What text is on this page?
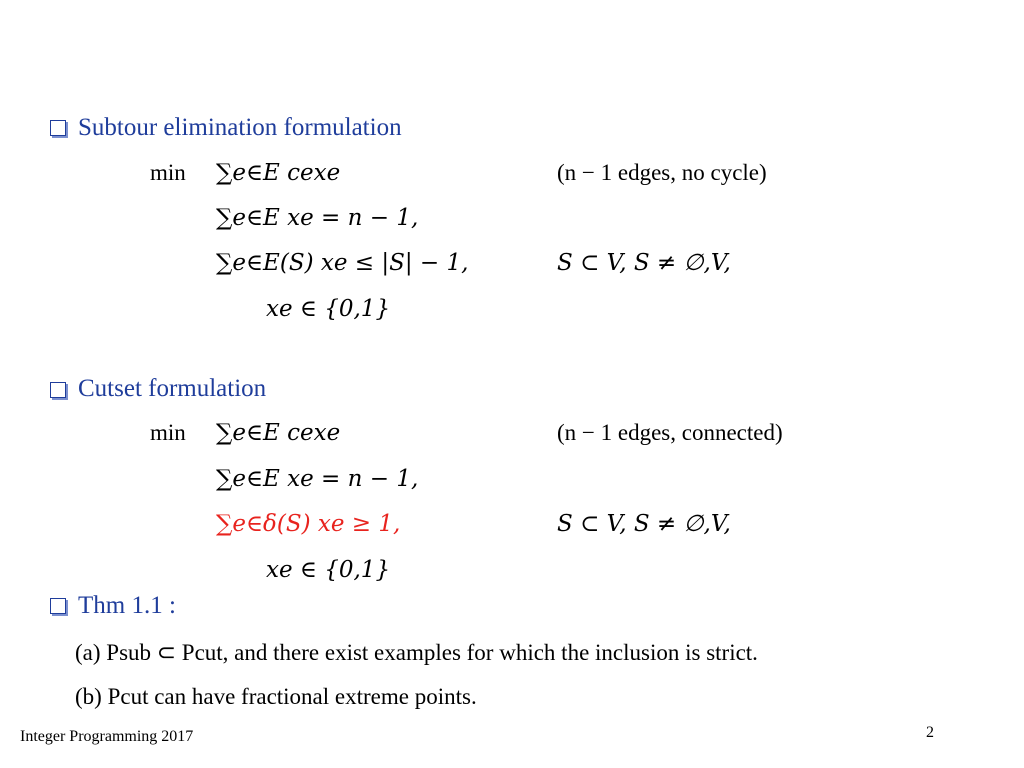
Subtour elimination formulation
min ∑e∈E cexe	(n − 1 edges, no cycle)
∑e∈E xe = n − 1,
∑e∈E(S) xe ≤ |S| − 1,	S ⊂ V, S ≠ ∅,V,
xe ∈ {0,1}
Cutset formulation
min ∑e∈E cexe	(n − 1 edges, connected)
∑e∈E xe = n − 1,
∑e∈δ(S) xe ≥ 1,	S ⊂ V, S ≠ ∅,V,
xe ∈ {0,1}
Thm 1.1 :
(a) Psub ⊂ Pcut, and there exist examples for which the inclusion is strict.
(b) Pcut can have fractional extreme points.
Integer Programming 2017	2
